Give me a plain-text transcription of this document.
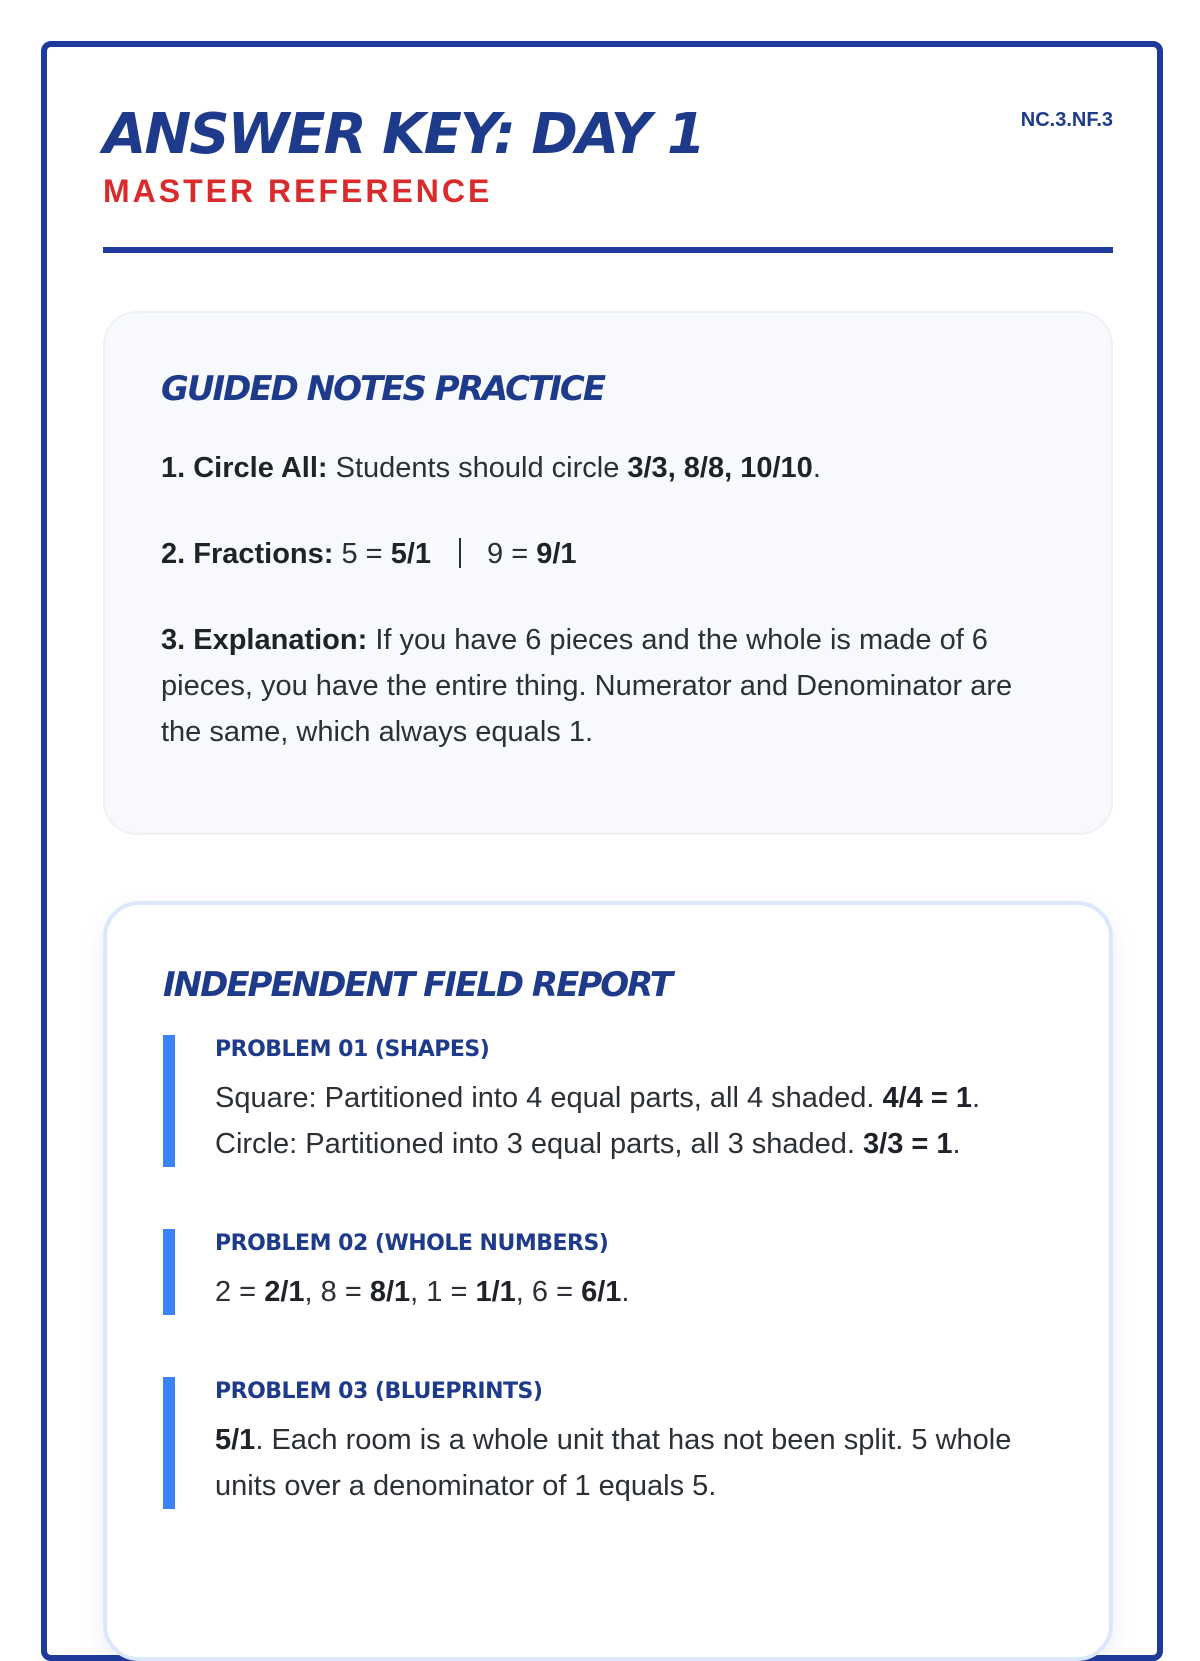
ANSWER KEY: DAY 1
MASTER REFERENCE
NC.3.NF.3
GUIDED NOTES PRACTICE

1. Circle All: Students should circle 3/3, 8/8, 10/10.

2. Fractions: 5 = 5/1 9 = 9/1

3. Explanation: If you have 6 pieces and the whole is made of 6 pieces, you have the entire thing. Numerator and Denominator are the same, which always equals 1.

INDEPENDENT FIELD REPORT
PROBLEM 01 (SHAPES)
Square: Partitioned into 4 equal parts, all 4 shaded. 4/4 = 1.
Circle: Partitioned into 3 equal parts, all 3 shaded. 3/3 = 1.
PROBLEM 02 (WHOLE NUMBERS)
2 = 2/1, 8 = 8/1, 1 = 1/1, 6 = 6/1.
PROBLEM 03 (BLUEPRINTS)
5/1. Each room is a whole unit that has not been split. 5 whole units over a denominator of 1 equals 5.
